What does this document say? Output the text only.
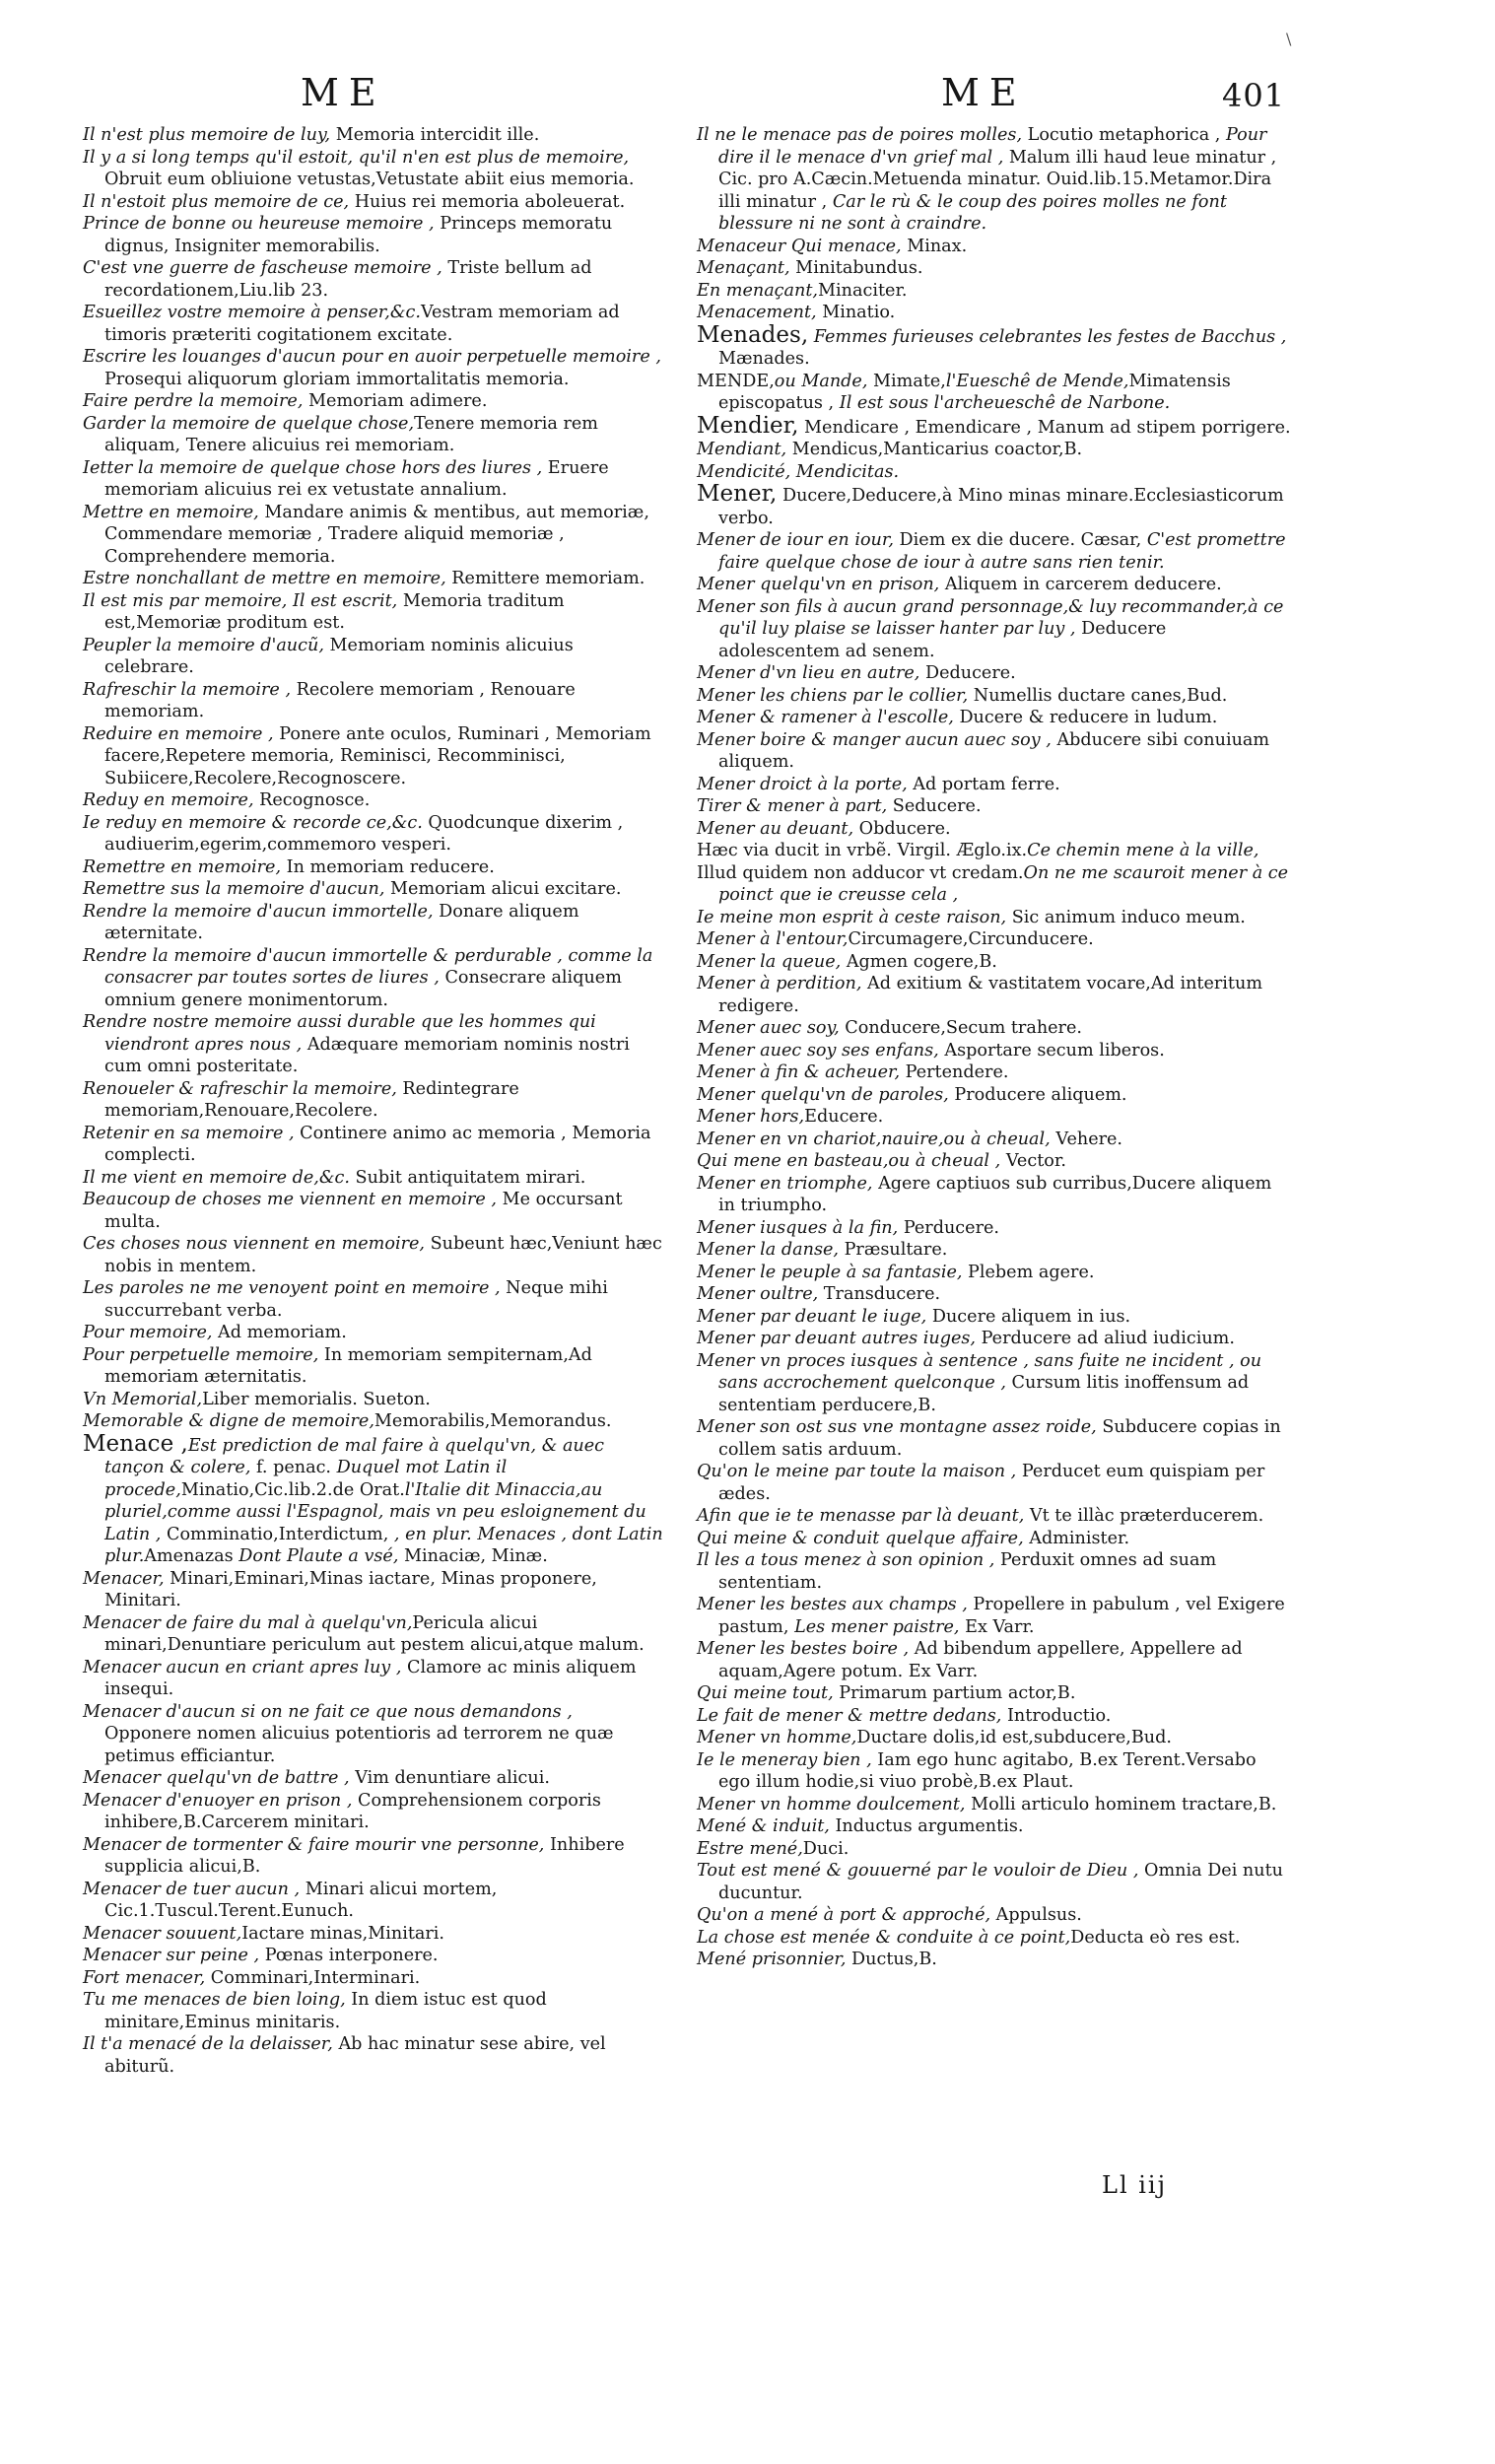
\
ME	ME	401

Il n'est plus memoire de luy, Memoria intercidit ille.

Il y a si long temps qu'il estoit, qu'il n'en est plus de memoire, Obruit eum obliuione vetustas,Vetustate abiit eius memoria.

Il n'estoit plus memoire de ce, Huius rei memoria aboleuerat.

Prince de bonne ou heureuse memoire , Princeps memoratu dignus, Insigniter memorabilis.

C'est vne guerre de fascheuse memoire , Triste bellum ad recordationem,Liu.lib 23.

Esueillez vostre memoire à penser,&c.Vestram memoriam ad timoris præteriti cogitationem excitate.

Escrire les louanges d'aucun pour en auoir perpetuelle memoire , Prosequi aliquorum gloriam immortalitatis memoria.

Faire perdre la memoire, Memoriam adimere.

Garder la memoire de quelque chose,Tenere memoria rem aliquam, Tenere alicuius rei memoriam.

Ietter la memoire de quelque chose hors des liures , Eruere memoriam alicuius rei ex vetustate annalium.

Mettre en memoire, Mandare animis & mentibus, aut memoriæ, Commendare memoriæ , Tradere aliquid memoriæ , Comprehendere memoria.

Estre nonchallant de mettre en memoire, Remittere memoriam.

Il est mis par memoire, Il est escrit, Memoria traditum est,Memoriæ proditum est.

Peupler la memoire d'aucũ, Memoriam nominis alicuius celebrare.

Rafreschir la memoire , Recolere memoriam , Renouare memoriam.

Reduire en memoire , Ponere ante oculos, Ruminari , Memoriam facere,Repetere memoria, Reminisci, Recomminisci, Subiicere,Recolere,Recognoscere.

Reduy en memoire, Recognosce.

Ie reduy en memoire & recorde ce,&c. Quodcunque dixerim , audiuerim,egerim,commemoro vesperi.

Remettre en memoire, In memoriam reducere.

Remettre sus la memoire d'aucun, Memoriam alicui excitare.

Rendre la memoire d'aucun immortelle, Donare aliquem æternitate.

Rendre la memoire d'aucun immortelle & perdurable , comme la consacrer par toutes sortes de liures , Consecrare aliquem omnium genere monimentorum.

Rendre nostre memoire aussi durable que les hommes qui viendront apres nous , Adæquare memoriam nominis nostri cum omni posteritate.

Renoueler & rafreschir la memoire, Redintegrare memoriam,Renouare,Recolere.

Retenir en sa memoire , Continere animo ac memoria , Memoria complecti.

Il me vient en memoire de,&c. Subit antiquitatem mirari.

Beaucoup de choses me viennent en memoire , Me occursant multa.

Ces choses nous viennent en memoire, Subeunt hæc,Veniunt hæc nobis in mentem.

Les paroles ne me venoyent point en memoire , Neque mihi succurrebant verba.

Pour memoire, Ad memoriam.

Pour perpetuelle memoire, In memoriam sempiternam,Ad memoriam æternitatis.

Vn Memorial,Liber memorialis. Sueton.

Memorable & digne de memoire,Memorabilis,Memorandus.

Menace ,Est prediction de mal faire à quelqu'vn, & auec tançon & colere, f. penac. Duquel mot Latin il procede,Minatio,Cic.lib.2.de Orat.l'Italie dit Minaccia,au pluriel,comme aussi l'Espagnol, mais vn peu esloignement du Latin , Comminatio,Interdictum, , en plur. Menaces , dont Latin plur.Amenazas Dont Plaute a vsé, Minaciæ, Minæ.

Menacer, Minari,Eminari,Minas iactare, Minas proponere, Minitari.

Menacer de faire du mal à quelqu'vn,Pericula alicui minari,Denuntiare periculum aut pestem alicui,atque malum.

Menacer aucun en criant apres luy , Clamore ac minis aliquem insequi.

Menacer d'aucun si on ne fait ce que nous demandons , Opponere nomen alicuius potentioris ad terrorem ne quæ petimus efficiantur.

Menacer quelqu'vn de battre , Vim denuntiare alicui.

Menacer d'enuoyer en prison , Comprehensionem corporis inhibere,B.Carcerem minitari.

Menacer de tormenter & faire mourir vne personne, Inhibere supplicia alicui,B.

Menacer de tuer aucun , Minari alicui mortem, Cic.1.Tuscul.Terent.Eunuch.

Menacer souuent,Iactare minas,Minitari.

Menacer sur peine , Pœnas interponere.

Fort menacer, Comminari,Interminari.

Tu me menaces de bien loing, In diem istuc est quod minitare,Eminus minitaris.

Il t'a menacé de la delaisser, Ab hac minatur sese abire, vel abiturũ.

Il ne le menace pas de poires molles, Locutio metaphorica , Pour dire il le menace d'vn grief mal , Malum illi haud leue minatur , Cic. pro A.Cæcin.Metuenda minatur. Ouid.lib.15.Metamor.Dira illi minatur , Car le rù & le coup des poires molles ne font blessure ni ne sont à craindre.

Menaceur Qui menace, Minax.

Menaçant, Minitabundus.

En menaçant,Minaciter.

Menacement, Minatio.

Menades, Femmes furieuses celebrantes les festes de Bacchus , Mænades.

MENDE,ou Mande, Mimate,l'Eueschê de Mende,Mimatensis episcopatus , Il est sous l'archeueschê de Narbone.

Mendier, Mendicare , Emendicare , Manum ad stipem porrigere.

Mendiant, Mendicus,Manticarius coactor,B.

Mendicité, Mendicitas.

Mener, Ducere,Deducere,à Mino minas minare.Ecclesiasticorum verbo.

Mener de iour en iour, Diem ex die ducere. Cæsar, C'est promettre faire quelque chose de iour à autre sans rien tenir.

Mener quelqu'vn en prison, Aliquem in carcerem deducere.

Mener son fils à aucun grand personnage,& luy recommander,à ce qu'il luy plaise se laisser hanter par luy , Deducere adolescentem ad senem.

Mener d'vn lieu en autre, Deducere.

Mener les chiens par le collier, Numellis ductare canes,Bud.

Mener & ramener à l'escolle, Ducere & reducere in ludum.

Mener boire & manger aucun auec soy , Abducere sibi conuiuam aliquem.

Mener droict à la porte, Ad portam ferre.

Tirer & mener à part, Seducere.

Mener au deuant, Obducere.

Hæc via ducit in vrbẽ. Virgil. Æglo.ix.Ce chemin mene à la ville,

Illud quidem non adducor vt credam.On ne me scauroit mener à ce poinct que ie creusse cela ,

Ie meine mon esprit à ceste raison, Sic animum induco meum.

Mener à l'entour,Circumagere,Circunducere.

Mener la queue, Agmen cogere,B.

Mener à perdition, Ad exitium & vastitatem vocare,Ad interitum redigere.

Mener auec soy, Conducere,Secum trahere.

Mener auec soy ses enfans, Asportare secum liberos.

Mener à fin & acheuer, Pertendere.

Mener quelqu'vn de paroles, Producere aliquem.

Mener hors,Educere.

Mener en vn chariot,nauire,ou à cheual, Vehere.

Qui mene en basteau,ou à cheual , Vector.

Mener en triomphe, Agere captiuos sub curribus,Ducere aliquem in triumpho.

Mener iusques à la fin, Perducere.

Mener la danse, Præsultare.

Mener le peuple à sa fantasie, Plebem agere.

Mener oultre, Transducere.

Mener par deuant le iuge, Ducere aliquem in ius.

Mener par deuant autres iuges, Perducere ad aliud iudicium.

Mener vn proces iusques à sentence , sans fuite ne incident , ou sans accrochement quelconque , Cursum litis inoffensum ad sententiam perducere,B.

Mener son ost sus vne montagne assez roide, Subducere copias in collem satis arduum.

Qu'on le meine par toute la maison , Perducet eum quispiam per ædes.

Afin que ie te menasse par là deuant, Vt te illàc præterducerem.

Qui meine & conduit quelque affaire, Administer.

Il les a tous menez à son opinion , Perduxit omnes ad suam sententiam.

Mener les bestes aux champs , Propellere in pabulum , vel Exigere pastum, Les mener paistre, Ex Varr.

Mener les bestes boire , Ad bibendum appellere, Appellere ad aquam,Agere potum. Ex Varr.

Qui meine tout, Primarum partium actor,B.

Le fait de mener & mettre dedans, Introductio.

Mener vn homme,Ductare dolis,id est,subducere,Bud.

Ie le meneray bien , Iam ego hunc agitabo, B.ex Terent.Versabo ego illum hodie,si viuo probè,B.ex Plaut.

Mener vn homme doulcement, Molli articulo hominem tractare,B.

Mené & induit, Inductus argumentis.

Estre mené,Duci.

Tout est mené & gouuerné par le vouloir de Dieu , Omnia Dei nutu ducuntur.

Qu'on a mené à port & approché, Appulsus.

La chose est menée & conduite à ce point,Deducta eò res est.

Mené prisonnier, Ductus,B.

Ll iij
